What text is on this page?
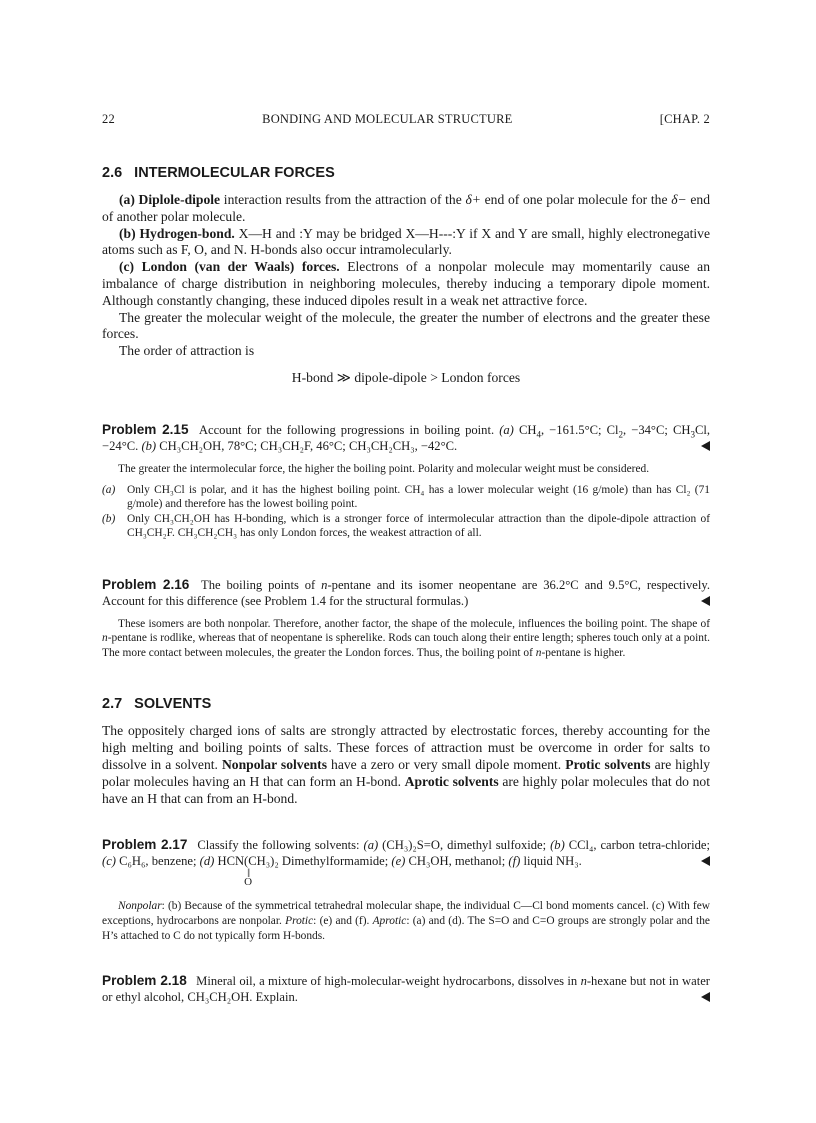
22	BONDING AND MOLECULAR STRUCTURE	[CHAP. 2
2.6 INTERMOLECULAR FORCES

(a) Diplole-dipole interaction results from the attraction of the δ+ end of one polar molecule for the δ− end of another polar molecule.

(b) Hydrogen-bond. X—H and :Y may be bridged X—H---:Y if X and Y are small, highly electronegative atoms such as F, O, and N. H-bonds also occur intramolecularly.

(c) London (van der Waals) forces. Electrons of a nonpolar molecule may momentarily cause an imbalance of charge distribution in neighboring molecules, thereby inducing a temporary dipole moment. Although constantly changing, these induced dipoles result in a weak net attractive force.

The greater the molecular weight of the molecule, the greater the number of electrons and the greater these forces.

The order of attraction is

H-bond ≫ dipole-dipole > London forces

Problem 2.15 Account for the following progressions in boiling point. (a) $CH_4$, −161.5°C; $Cl_2$, −34°C; $CH_3Cl$, −24°C. (b) CH₃CH₂OH, 78°C; CH₃CH₂F, 46°C; CH₃CH₂CH₃, −42°C.

The greater the intermolecular force, the higher the boiling point. Polarity and molecular weight must be considered.

(a)	Only CH₃Cl is polar, and it has the highest boiling point. CH₄ has a lower molecular weight (16 g/mole) than has Cl₂ (71 g/mole) and therefore has the lowest boiling point.
(b)	Only CH₃CH₂OH has H-bonding, which is a stronger force of intermolecular attraction than the dipole-dipole attraction of CH₃CH₂F. CH₃CH₂CH₃ has only London forces, the weakest attraction of all.

Problem 2.16 The boiling points of n-pentane and its isomer neopentane are 36.2°C and 9.5°C, respectively. Account for this difference (see Problem 1.4 for the structural formulas.)

These isomers are both nonpolar. Therefore, another factor, the shape of the molecule, influences the boiling point. The shape of n-pentane is rodlike, whereas that of neopentane is spherelike. Rods can touch along their entire length; spheres touch only at a point. The more contact between molecules, the greater the London forces. Thus, the boiling point of n-pentane is higher.

2.7 SOLVENTS

The oppositely charged ions of salts are strongly attracted by electrostatic forces, thereby accounting for the high melting and boiling points of salts. These forces of attraction must be overcome in order for salts to dissolve in a solvent. Nonpolar solvents have a zero or very small dipole moment. Protic solvents are highly polar molecules having an H that can form an H-bond. Aprotic solvents are highly polar molecules that do not have an H that can from an H-bond.

Problem 2.17 Classify the following solvents: (a) (CH₃)₂S=O, dimethyl sulfoxide; (b) CCl₄, carbon tetra-chloride; (c) C₆H₆, benzene; (d) HCN(CH₃)₂
||
O
Dimethylformamide; (e) CH₃OH, methanol; (f) liquid NH₃.

Nonpolar: (b) Because of the symmetrical tetrahedral molecular shape, the individual C—Cl bond moments cancel. (c) With few exceptions, hydrocarbons are nonpolar. Protic: (e) and (f). Aprotic: (a) and (d). The S=O and C=O groups are strongly polar and the H’s attached to C do not typically form H-bonds.

Problem 2.18 Mineral oil, a mixture of high-molecular-weight hydrocarbons, dissolves in n-hexane but not in water or ethyl alcohol, CH₃CH₂OH. Explain.
